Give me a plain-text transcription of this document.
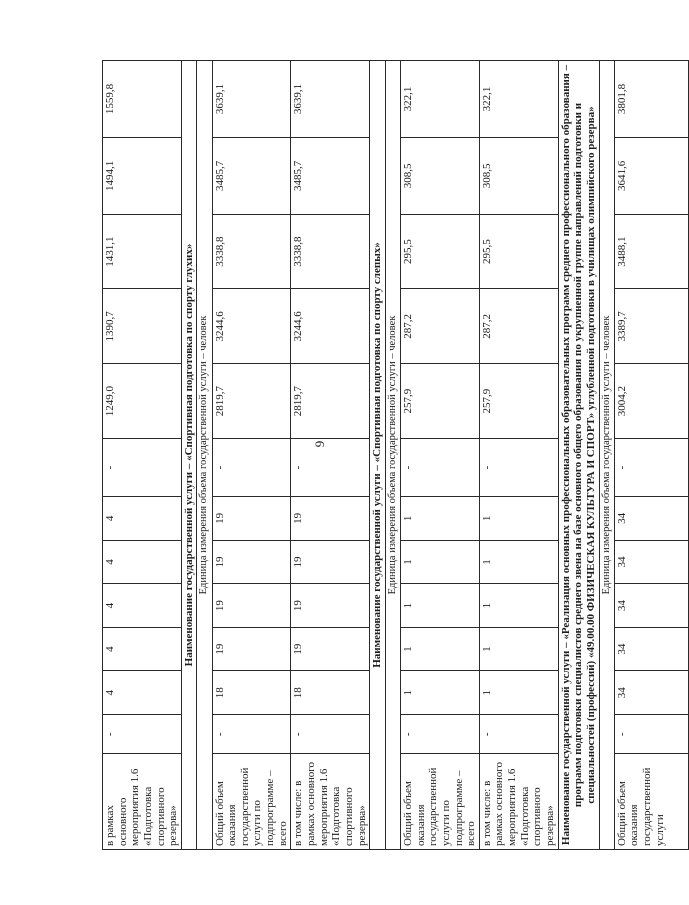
9
в рамках основного мероприятия 1.6 «Подготовка спортивного резерва»	-	4	4	4	4	4	-	1249,0	1390,7	1431,1	1494,1	1559,8
Наименование государственной услуги – «Спортивная подготовка по спорту глухих»												
Единица измерения объема государственной услуги – человек												
Общий объем оказания государственной услуги по подпрограмме – всего	-	18	19	19	19	19	-	2819,7	3244,6	3338,8	3485,7	3639,1
в том числе: в рамках основного мероприятия 1.6 «Подготовка спортивного резерва»	-	18	19	19	19	19	-	2819,7	3244,6	3338,8	3485,7	3639,1
Наименование государственной услуги – «Спортивная подготовка по спорту слепых»												
Единица измерения объема государственной услуги – человек												
Общий объем оказания государственной услуги по подпрограмме – всего	-	1	1	1	1	1	-	257,9	287,2	295,5	308,5	322,1
в том числе: в рамках основного мероприятия 1.6 «Подготовка спортивного резерва»	-	1	1	1	1	1	-	257,9	287,2	295,5	308,5	322,1
Наименование государственной услуги – «Реализация основных профессиональных образовательных программ среднего профессионального образования – программ подготовки специалистов среднего звена на базе основного общего образования по укрупненной группе направлений подготовки и специальностей (профессий) «49.00.00 ФИЗИЧЕСКАЯ КУЛЬТУРА И СПОРТ» углубленной подготовки в училищах олимпийского резерва»												
Единица измерения объема государственной услуги – человек												
Общий объем оказания государственной услуги	-	34	34	34	34	34	-	3004,2	3389,7	3488,1	3641,6	3801,8
